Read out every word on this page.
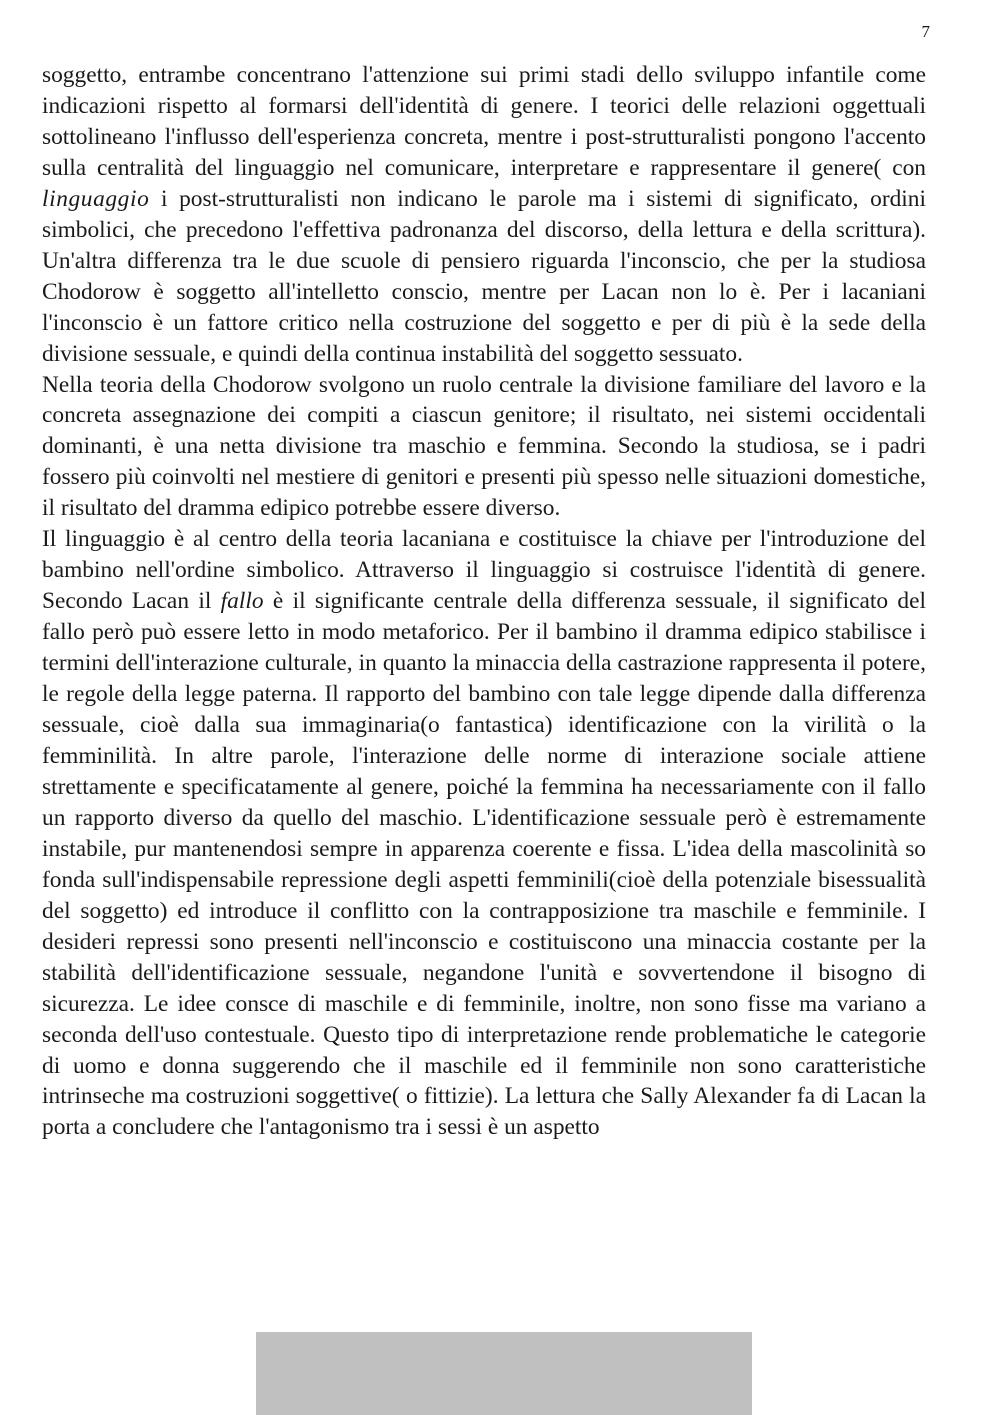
7

soggetto, entrambe concentrano l'attenzione sui primi stadi dello sviluppo infantile come indicazioni rispetto al formarsi dell'identità di genere. I teorici delle relazioni oggettuali sottolineano l'influsso dell'esperienza concreta, mentre i post-strutturalisti pongono l'accento sulla centralità del linguaggio nel comunicare, interpretare e rappresentare il genere( con linguaggio i post-strutturalisti non indicano le parole ma i sistemi di significato, ordini simbolici, che precedono l'effettiva padronanza del discorso, della lettura e della scrittura). Un'altra differenza tra le due scuole di pensiero riguarda l'inconscio, che per la studiosa Chodorow è soggetto all'intelletto conscio, mentre per Lacan non lo è. Per i lacaniani l'inconscio è un fattore critico nella costruzione del soggetto e per di più è la sede della divisione sessuale, e quindi della continua instabilità del soggetto sessuato.

Nella teoria della Chodorow svolgono un ruolo centrale la divisione familiare del lavoro e la concreta assegnazione dei compiti a ciascun genitore; il risultato, nei sistemi occidentali dominanti, è una netta divisione tra maschio e femmina. Secondo la studiosa, se i padri fossero più coinvolti nel mestiere di genitori e presenti più spesso nelle situazioni domestiche, il risultato del dramma edipico potrebbe essere diverso.

Il linguaggio è al centro della teoria lacaniana e costituisce la chiave per l'introduzione del bambino nell'ordine simbolico. Attraverso il linguaggio si costruisce l'identità di genere. Secondo Lacan il fallo è il significante centrale della differenza sessuale, il significato del fallo però può essere letto in modo metaforico. Per il bambino il dramma edipico stabilisce i termini dell'interazione culturale, in quanto la minaccia della castrazione rappresenta il potere, le regole della legge paterna. Il rapporto del bambino con tale legge dipende dalla differenza sessuale, cioè dalla sua immaginaria(o fantastica) identificazione con la virilità o la femminilità. In altre parole, l'interazione delle norme di interazione sociale attiene strettamente e specificatamente al genere, poiché la femmina ha necessariamente con il fallo un rapporto diverso da quello del maschio. L'identificazione sessuale però è estremamente instabile, pur mantenendosi sempre in apparenza coerente e fissa. L'idea della mascolinità so fonda sull'indispensabile repressione degli aspetti femminili(cioè della potenziale bisessualità del soggetto) ed introduce il conflitto con la contrapposizione tra maschile e femminile. I desideri repressi sono presenti nell'inconscio e costituiscono una minaccia costante per la stabilità dell'identificazione sessuale, negandone l'unità e sovvertendone il bisogno di sicurezza. Le idee consce di maschile e di femminile, inoltre, non sono fisse ma variano a seconda dell'uso contestuale. Questo tipo di interpretazione rende problematiche le categorie di uomo e donna suggerendo che il maschile ed il femminile non sono caratteristiche intrinseche ma costruzioni soggettive( o fittizie). La lettura che Sally Alexander fa di Lacan la porta a concludere che l'antagonismo tra i sessi è un aspetto
